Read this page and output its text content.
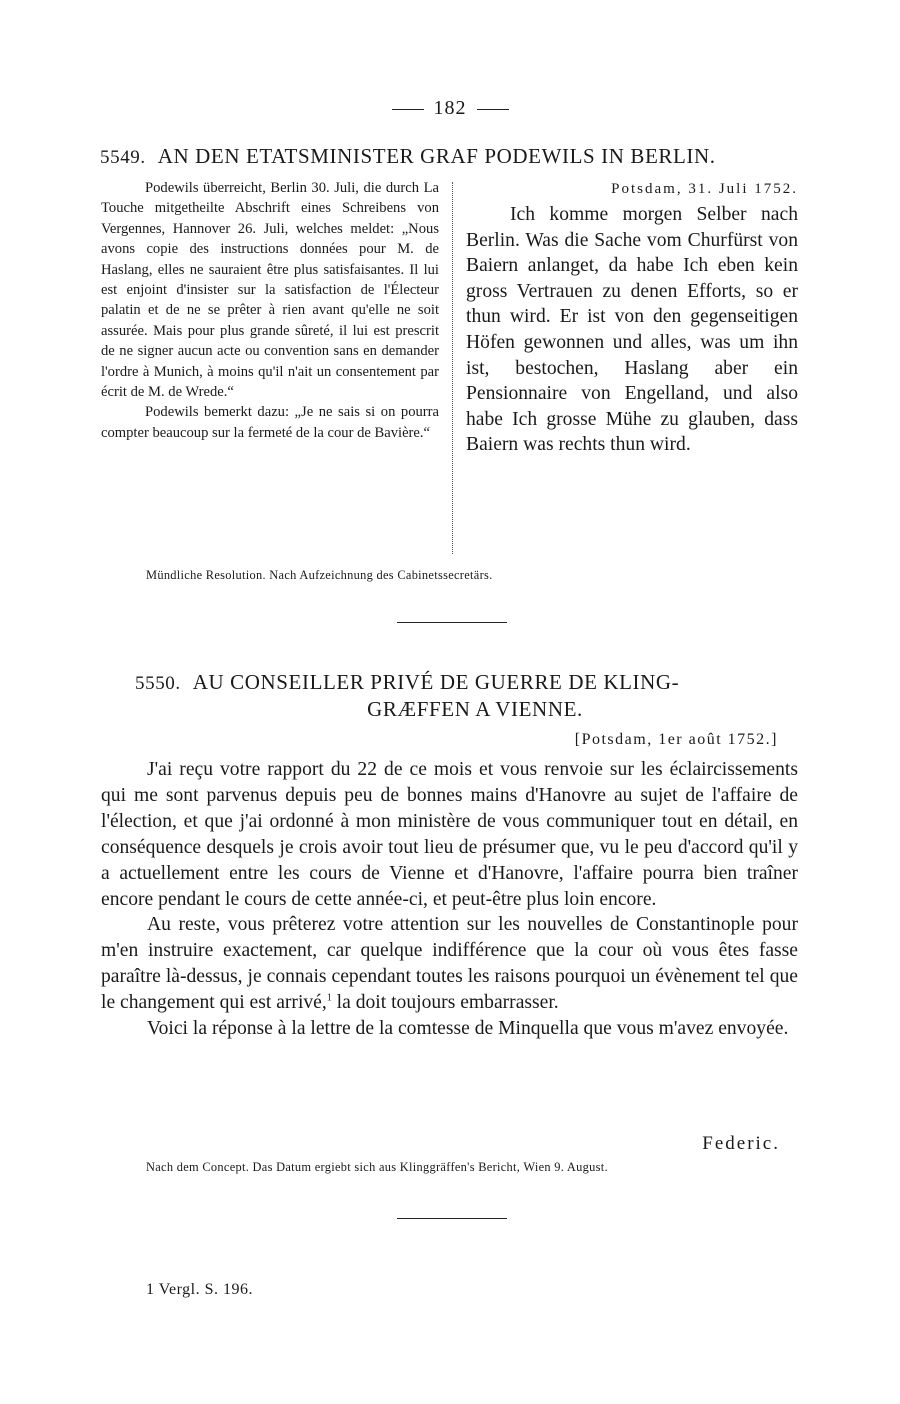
182
5549. AN DEN ETATSMINISTER GRAF PODEWILS IN BERLIN.

Podewils überreicht, Berlin 30. Juli, die durch La Touche mitgetheilte Abschrift eines Schreibens von Vergennes, Hannover 26. Juli, welches meldet: „Nous avons copie des instructions données pour M. de Haslang, elles ne sauraient être plus satisfaisantes. Il lui est enjoint d'insister sur la satisfaction de l'Électeur palatin et de ne se prêter à rien avant qu'elle ne soit assurée. Mais pour plus grande sûreté, il lui est prescrit de ne signer aucun acte ou convention sans en demander l'ordre à Munich, à moins qu'il n'ait un consentement par écrit de M. de Wrede.“

Podewils bemerkt dazu: „Je ne sais si on pourra compter beaucoup sur la fermeté de la cour de Bavière.“

Potsdam, 31. Juli 1752.

Ich komme morgen Selber nach Berlin. Was die Sache vom Churfürst von Baiern anlanget, da habe Ich eben kein gross Vertrauen zu denen Efforts, so er thun wird. Er ist von den gegenseitigen Höfen gewonnen und alles, was um ihn ist, bestochen, Haslang aber ein Pensionnaire von Engelland, und also habe Ich grosse Mühe zu glauben, dass Baiern was rechts thun wird.

Mündliche Resolution. Nach Aufzeichnung des Cabinetssecretärs.
5550. AU CONSEILLER PRIVÉ DE GUERRE DE KLING-
GRÆFFEN A VIENNE.
[Potsdam, 1er août 1752.]

J'ai reçu votre rapport du 22 de ce mois et vous renvoie sur les éclaircissements qui me sont parvenus depuis peu de bonnes mains d'Hanovre au sujet de l'affaire de l'élection, et que j'ai ordonné à mon ministère de vous communiquer tout en détail, en conséquence desquels je crois avoir tout lieu de présumer que, vu le peu d'accord qu'il y a actuellement entre les cours de Vienne et d'Hanovre, l'affaire pourra bien traîner encore pendant le cours de cette année-ci, et peut-être plus loin encore.

Au reste, vous prêterez votre attention sur les nouvelles de Constantinople pour m'en instruire exactement, car quelque indifférence que la cour où vous êtes fasse paraître là-dessus, je connais cependant toutes les raisons pourquoi un évènement tel que le changement qui est arrivé,$^1$ la doit toujours embarrasser.

Voici la réponse à la lettre de la comtesse de Minquella que vous m'avez envoyée.

Federic.
Nach dem Concept. Das Datum ergiebt sich aus Klinggräffen's Bericht, Wien 9. August.
1 Vergl. S. 196.
